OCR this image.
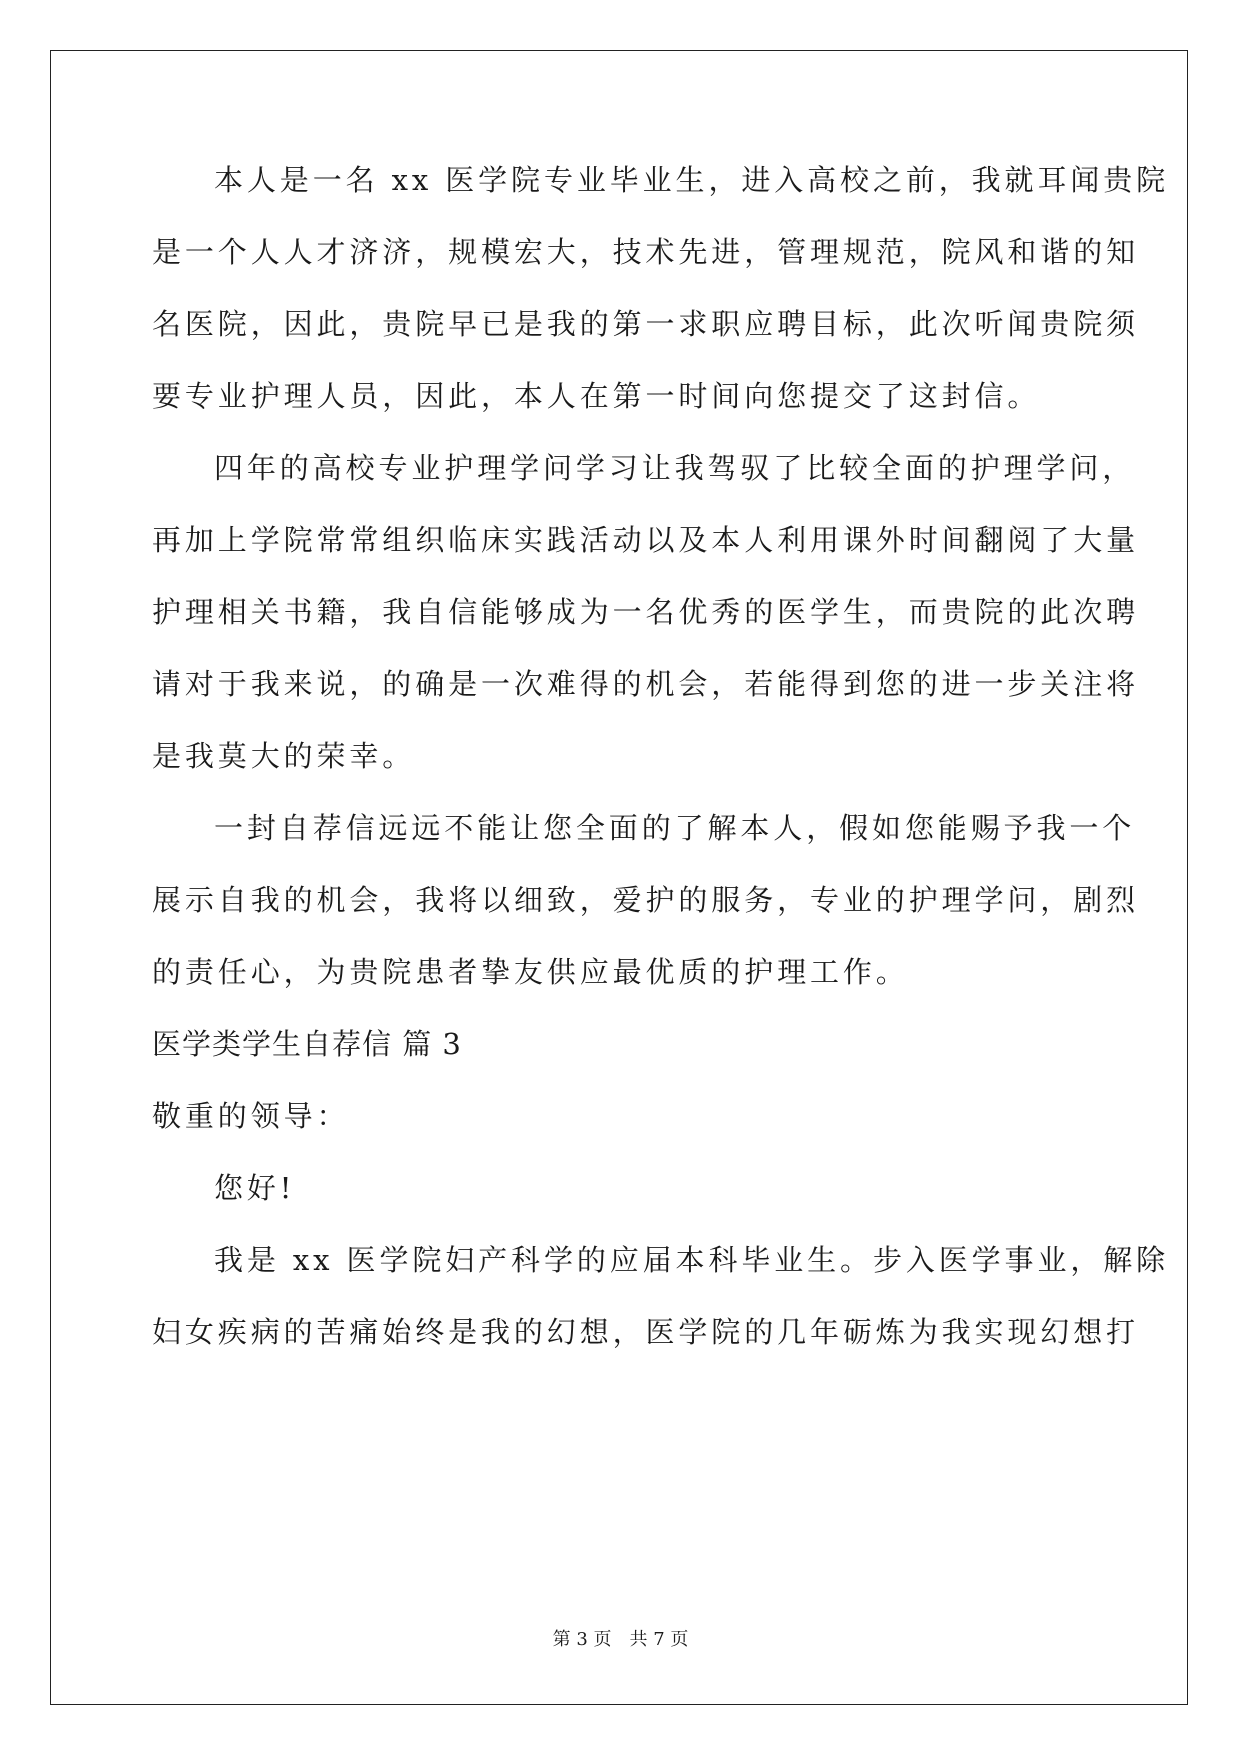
本人是一名 xx 医学院专业毕业生，进入高校之前，我就耳闻贵院
是一个人人才济济，规模宏大，技术先进，管理规范，院风和谐的知
名医院，因此，贵院早已是我的第一求职应聘目标，此次听闻贵院须
要专业护理人员，因此，本人在第一时间向您提交了这封信。
四年的高校专业护理学问学习让我驾驭了比较全面的护理学问，
再加上学院常常组织临床实践活动以及本人利用课外时间翻阅了大量
护理相关书籍，我自信能够成为一名优秀的医学生，而贵院的此次聘
请对于我来说，的确是一次难得的机会，若能得到您的进一步关注将
是我莫大的荣幸。
一封自荐信远远不能让您全面的了解本人，假如您能赐予我一个
展示自我的机会，我将以细致，爱护的服务，专业的护理学问，剧烈
的责任心，为贵院患者挚友供应最优质的护理工作。
医学类学生自荐信 篇 3
敬重的领导：
您好!
我是 xx 医学院妇产科学的应届本科毕业生。步入医学事业，解除
妇女疾病的苦痛始终是我的幻想，医学院的几年砺炼为我实现幻想打
第 3 页 共 7 页
